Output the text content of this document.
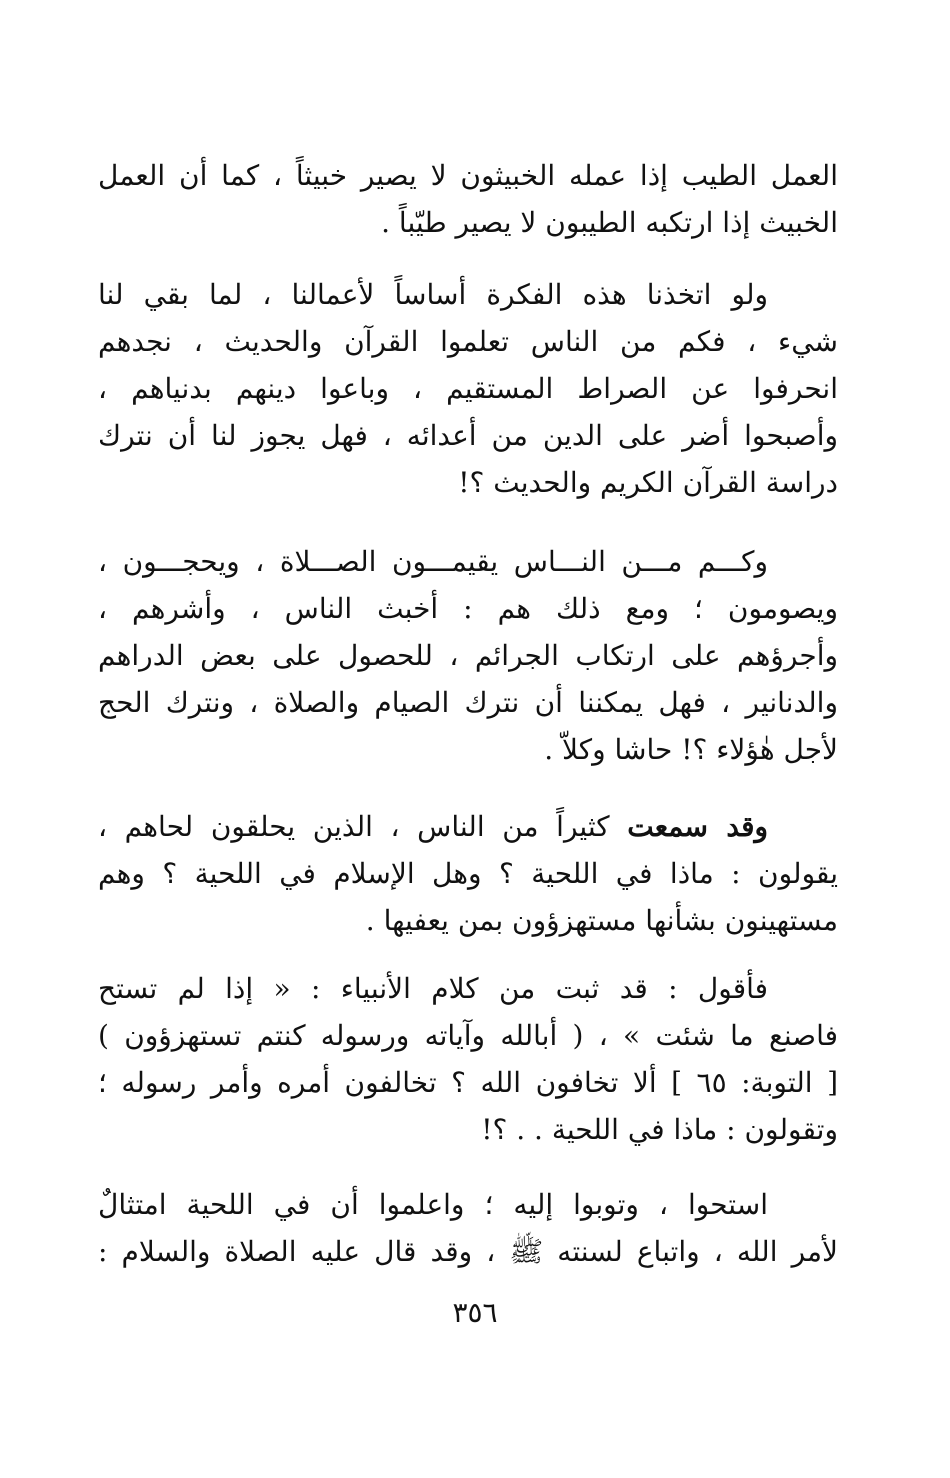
العمل الطيب إذا عمله الخبيثون لا يصير خبيثاً ، كما أن العمل
الخبيث إذا ارتكبه الطيبون لا يصير طيّباً .
ولو اتخذنا هذه الفكرة أساساً لأعمالنا ، لما بقي لنا
شيء ، فكم من الناس تعلموا القرآن والحديث ، نجدهم
انحرفوا عن الصراط المستقيم ، وباعوا دينهم بدنياهم ،
وأصبحوا أضر على الدين من أعدائه ، فهل يجوز لنا أن نترك
دراسة القرآن الكريم والحديث ؟!
وكـــم مـــن النـــاس يقيمـــون الصـــلاة ، ويحجـــون ،
ويصومون ؛ ومع ذلك هم : أخبث الناس ، وأشرهم ،
وأجرؤهم على ارتكاب الجرائم ، للحصول على بعض الدراهم
والدنانير ، فهل يمكننا أن نترك الصيام والصلاة ، ونترك الحج
لأجل هٰؤلاء ؟! حاشا وكلاّ .
وقد سمعت كثيراً من الناس ، الذين يحلقون لحاهم ،
يقولون : ماذا في اللحية ؟ وهل الإسلام في اللحية ؟ وهم
مستهينون بشأنها مستهزؤون بمن يعفيها .
فأقول : قد ثبت من كلام الأنبياء : « إذا لم تستح
فاصنع ما شئت » ، ( أبالله وآياته ورسوله كنتم تستهزؤون )
[ التوبة: ٦٥ ] ألا تخافون الله ؟ تخالفون أمره وأمر رسوله ؛
وتقولون : ماذا في اللحية . . ؟!
استحوا ، وتوبوا إليه ؛ واعلموا أن في اللحية امتثالٌ
لأمر الله ، واتباع لسنته ﷺ ، وقد قال عليه الصلاة والسلام :
٣٥٦
